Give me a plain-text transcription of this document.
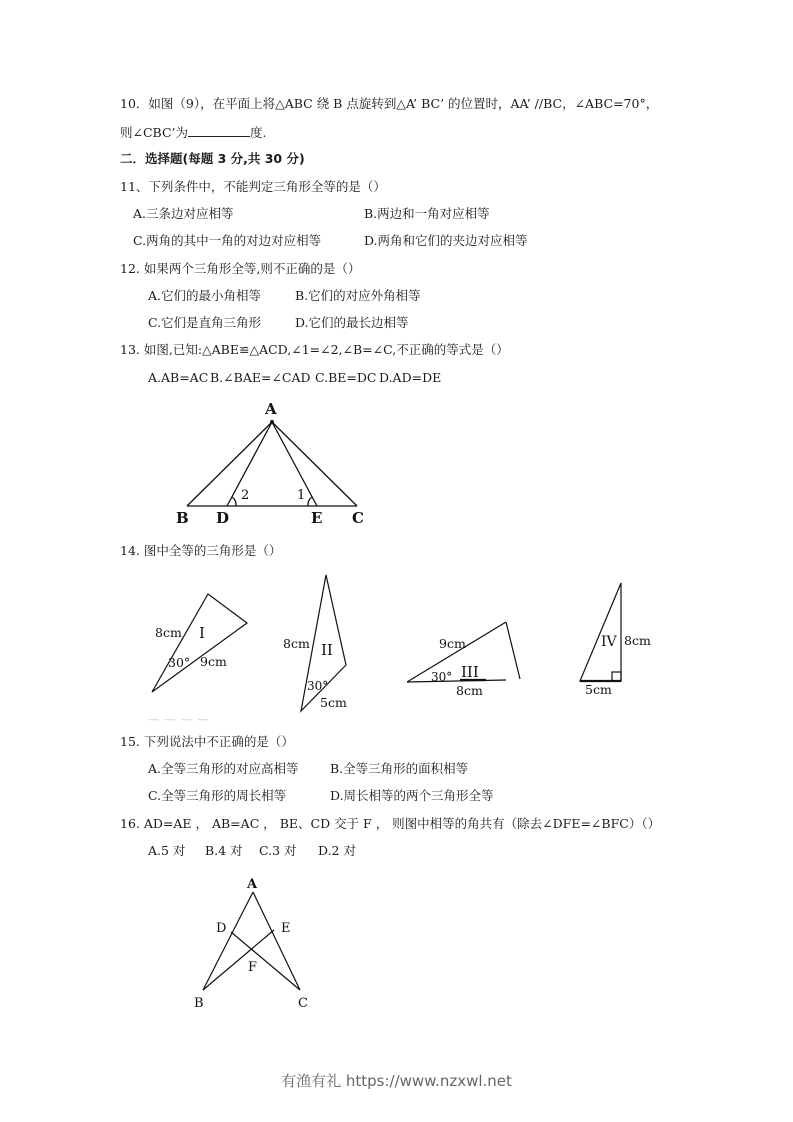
10．如图（9），在平面上将△ABC 绕 B 点旋转到△A’ BC’ 的位置时，AA’ //BC，∠ABC=70°，
则∠CBC’为	度.
二．选择题(每题 3 分,共 30 分)
11、下列条件中，不能判定三角形全等的是（）
A.三条边对应相等	B.两边和一角对应相等
C.两角的其中一角的对边对应相等	D.两角和它们的夹边对应相等
12. 如果两个三角形全等,则不正确的是（）
A.它们的最小角相等	B.它们的对应外角相等
C.它们是直角三角形	D.它们的最长边相等
13. 如图,已知:△ABE≌△ACD,∠1=∠2,∠B=∠C,不正确的等式是（）
A.AB=AC B.∠BAE=∠CAD C.BE=DC D.AD=DE
A
B D	E C
2	1
8cm I
30° 9cm
8cm II
30°
5cm
9cm
III
30°
8cm
IV 8cm
5cm
A
D	E
F
B	C
14. 图中全等的三角形是（）
— — — —
15. 下列说法中不正确的是（）
A.全等三角形的对应高相等	B.全等三角形的面积相等
C.全等三角形的周长相等	D.周长相等的两个三角形全等
16. AD=AE ， AB=AC ， BE、CD 交于 F ， 则图中相等的角共有（除去∠DFE=∠BFC）（）
A.5 对 B.4 对 C.3 对 D.2 对
有渔有礼 https://www.nzxwl.net
